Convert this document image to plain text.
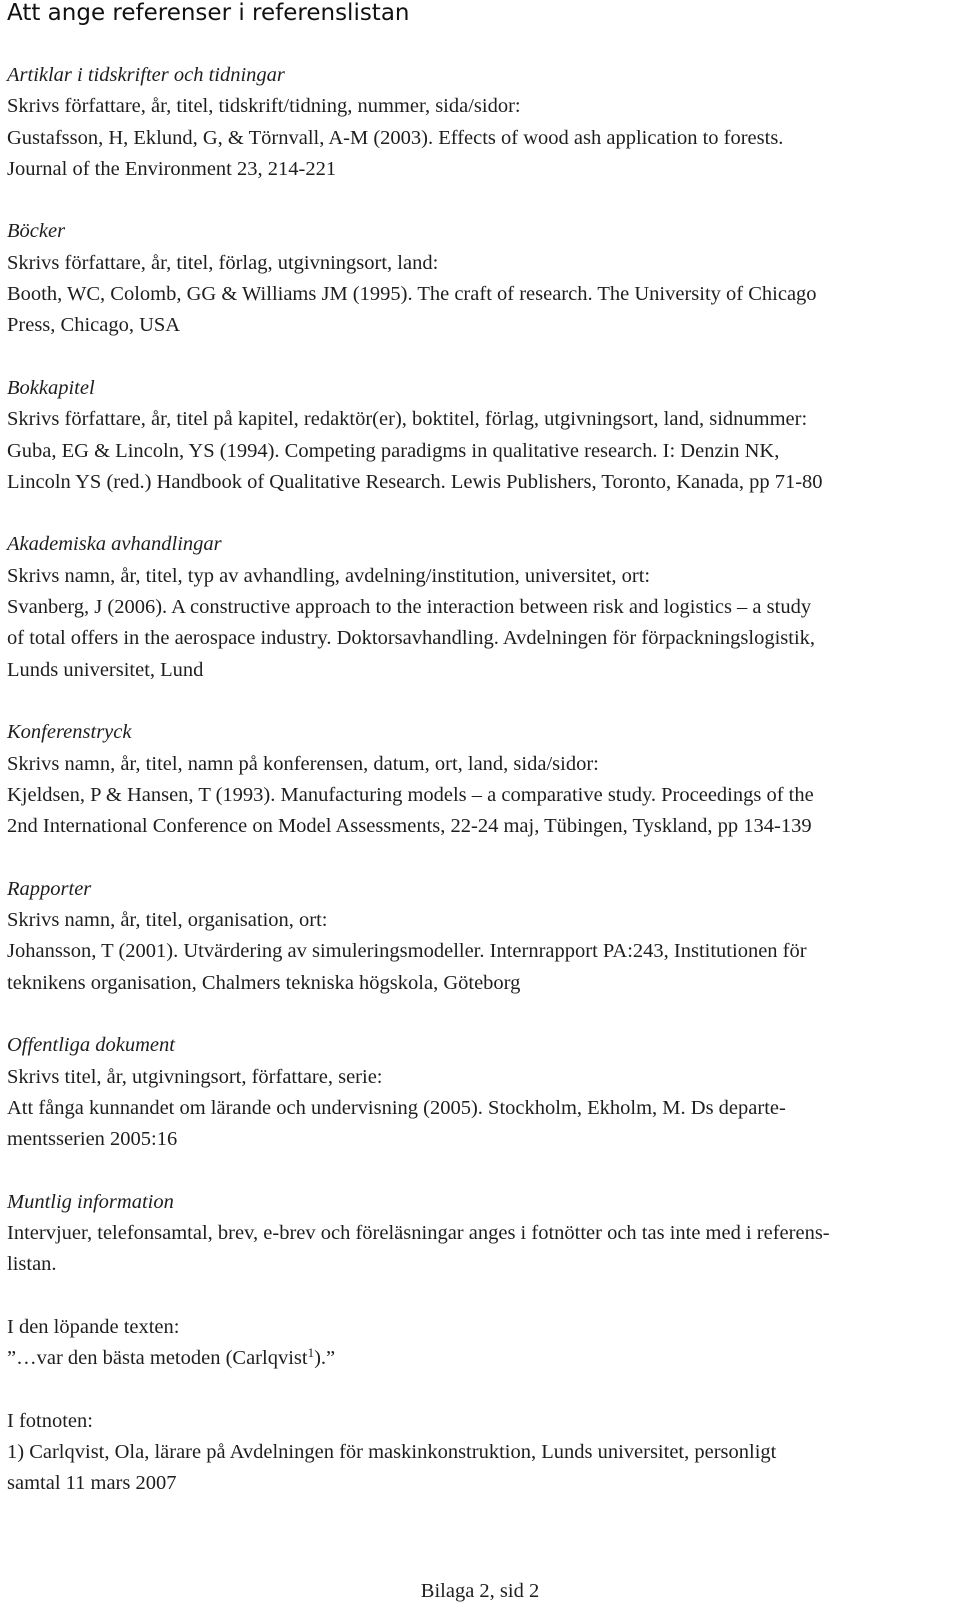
Att ange referenser i referenslistan
Artiklar i tidskrifter och tidningar
Skrivs författare, år, titel, tidskrift/tidning, nummer, sida/sidor:
Gustafsson, H, Eklund, G, & Törnvall, A-M (2003). Effects of wood ash application to forests.
Journal of the Environment 23, 214-221
Böcker
Skrivs författare, år, titel, förlag, utgivningsort, land:
Booth, WC, Colomb, GG & Williams JM (1995). The craft of research. The University of Chicago
Press, Chicago, USA
Bokkapitel
Skrivs författare, år, titel på kapitel, redaktör(er), boktitel, förlag, utgivningsort, land, sidnummer:
Guba, EG & Lincoln, YS (1994). Competing paradigms in qualitative research. I: Denzin NK,
Lincoln YS (red.) Handbook of Qualitative Research. Lewis Publishers, Toronto, Kanada, pp 71-80
Akademiska avhandlingar
Skrivs namn, år, titel, typ av avhandling, avdelning/institution, universitet, ort:
Svanberg, J (2006). A constructive approach to the interaction between risk and logistics – a study
of total offers in the aerospace industry. Doktorsavhandling. Avdelningen för förpackningslogistik,
Lunds universitet, Lund
Konferenstryck
Skrivs namn, år, titel, namn på konferensen, datum, ort, land, sida/sidor:
Kjeldsen, P & Hansen, T (1993). Manufacturing models – a comparative study. Proceedings of the
2nd International Conference on Model Assessments, 22-24 maj, Tübingen, Tyskland, pp 134-139
Rapporter
Skrivs namn, år, titel, organisation, ort:
Johansson, T (2001). Utvärdering av simuleringsmodeller. Internrapport PA:243, Institutionen för
teknikens organisation, Chalmers tekniska högskola, Göteborg
Offentliga dokument
Skrivs titel, år, utgivningsort, författare, serie:
Att fånga kunnandet om lärande och undervisning (2005). Stockholm, Ekholm, M. Ds departe-
mentsserien 2005:16
Muntlig information
Intervjuer, telefonsamtal, brev, e-brev och föreläsningar anges i fotnötter och tas inte med i referens-
listan.
I den löpande texten:
”…var den bästa metoden (Carlqvist$^1$).”
I fotnoten:
1) Carlqvist, Ola, lärare på Avdelningen för maskinkonstruktion, Lunds universitet, personligt
samtal 11 mars 2007
Bilaga 2, sid 2
